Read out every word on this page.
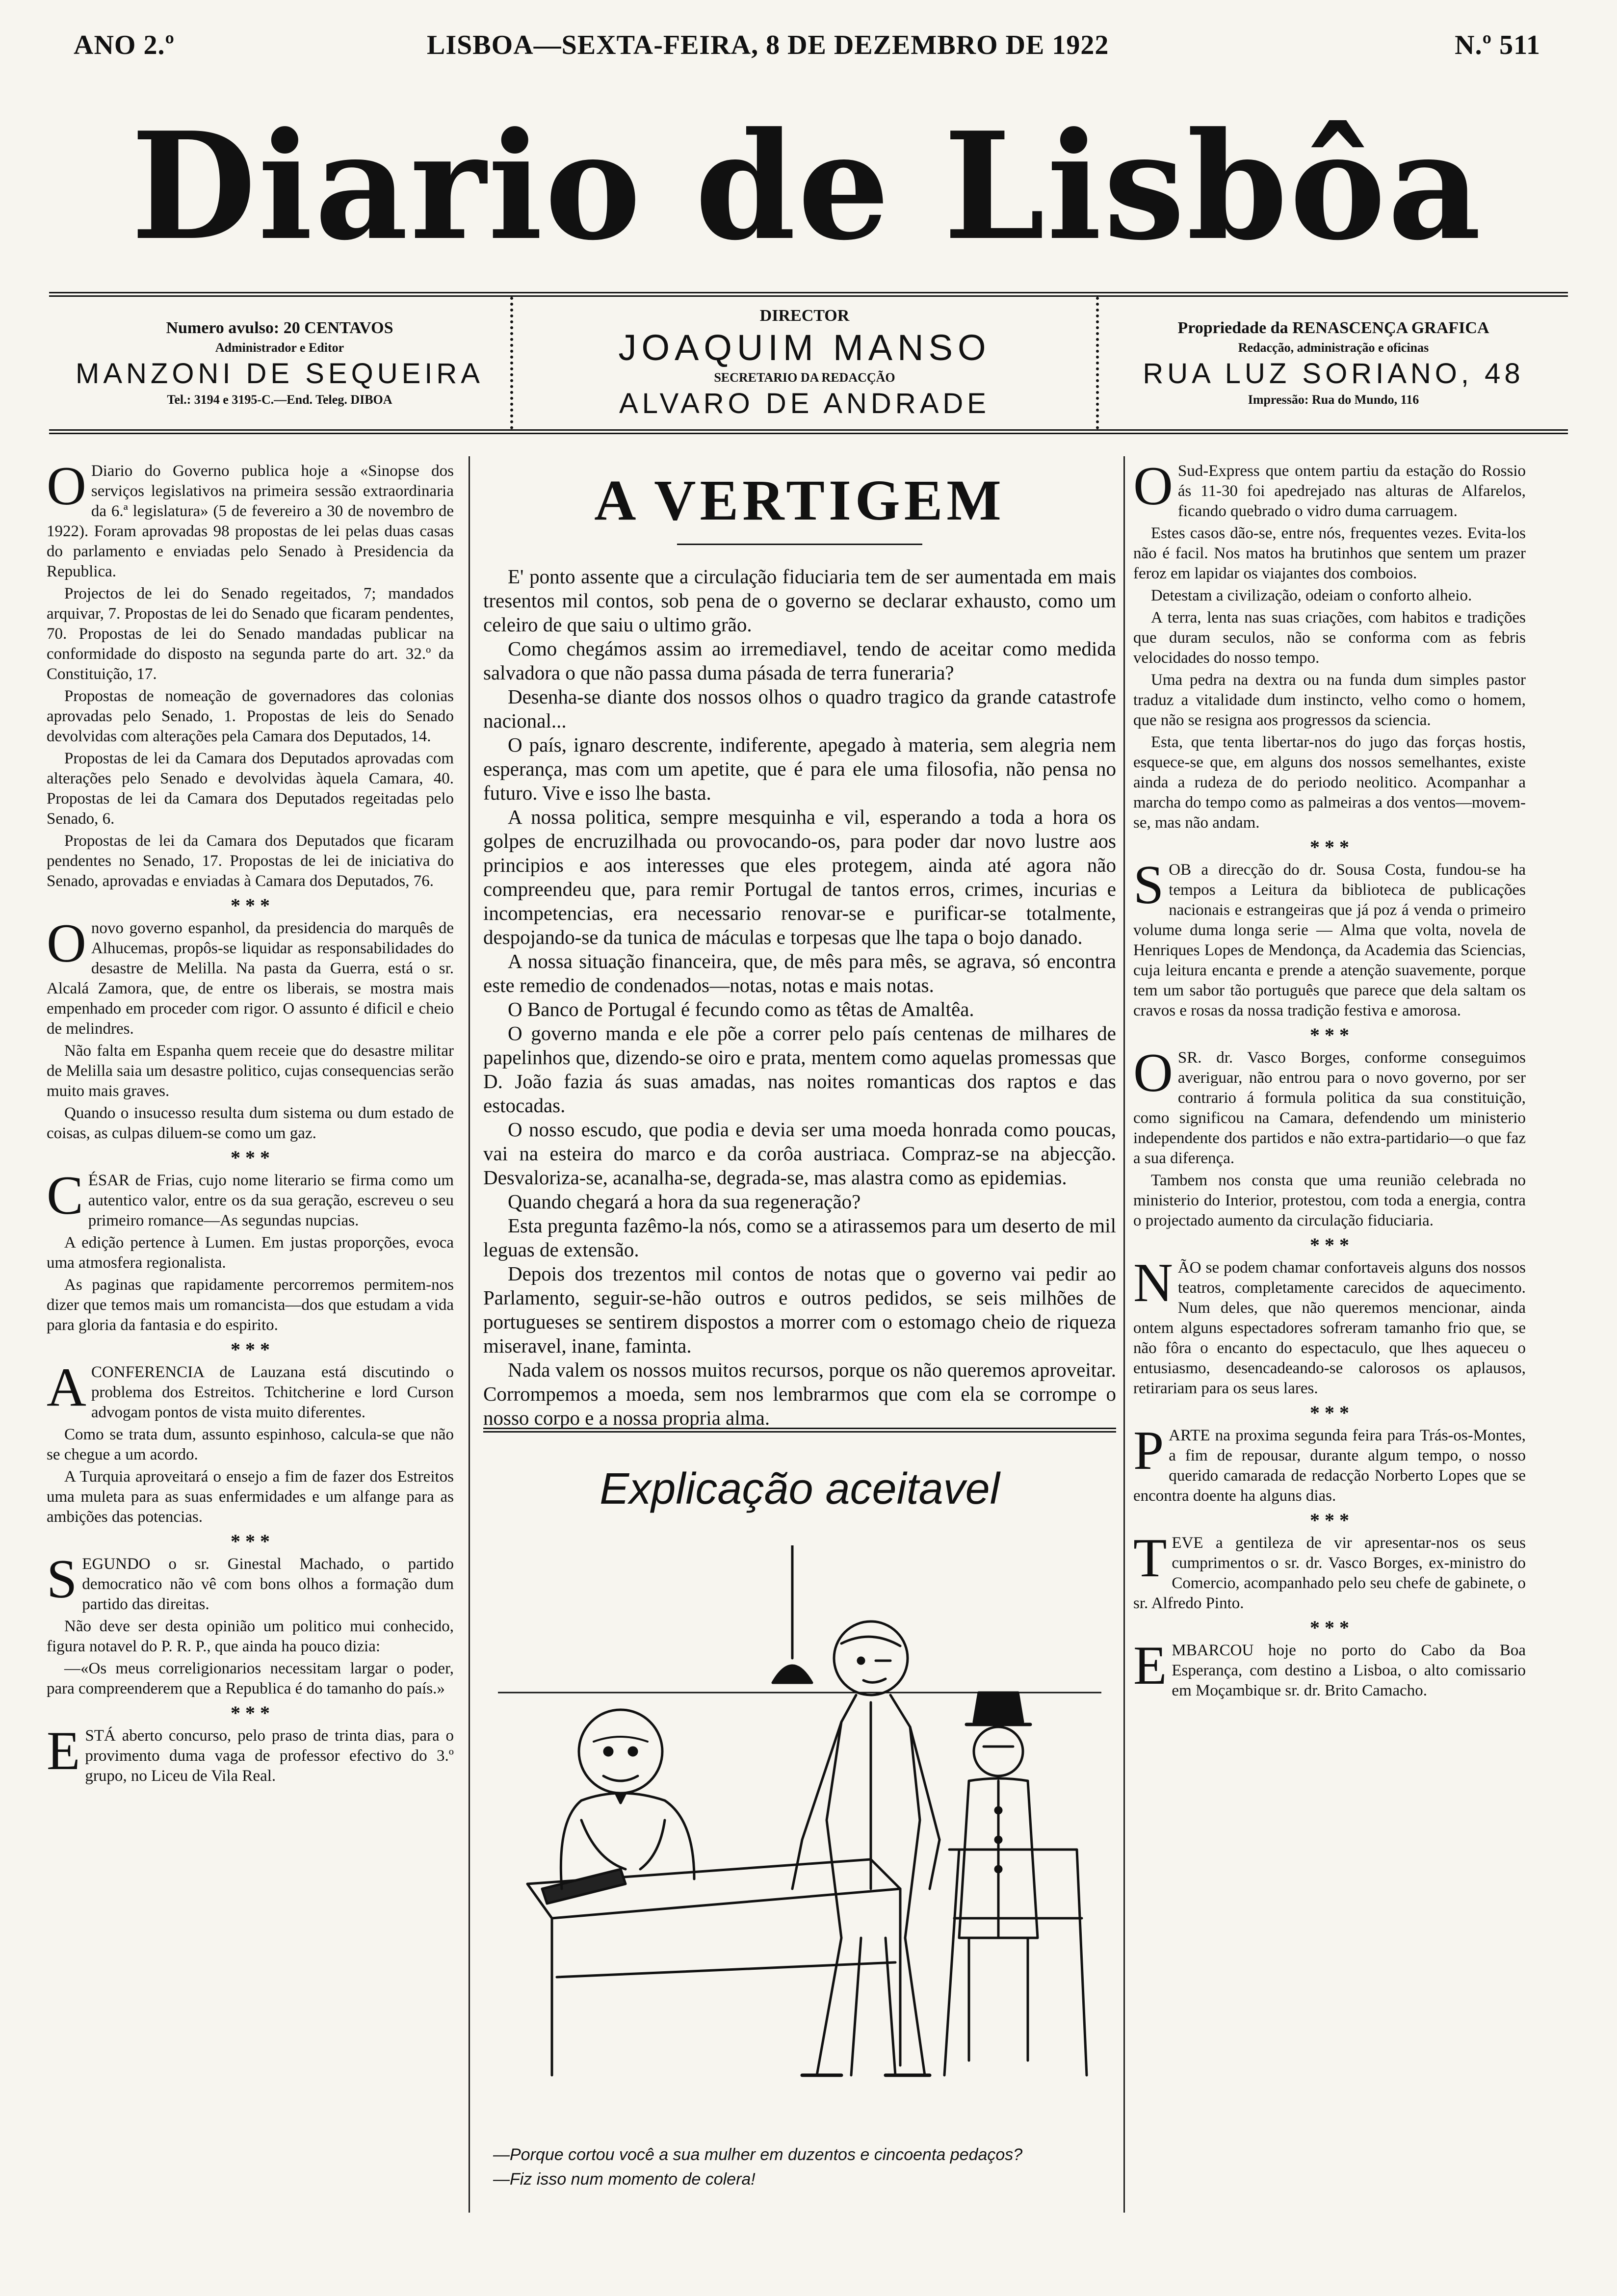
ANO 2.º	LISBOA—SEXTA-FEIRA, 8 DE DEZEMBRO DE 1922	N.º 511
Diario de Lisbôa
Numero avulso: 20 CENTAVOS
Administrador e Editor
MANZONI DE SEQUEIRA
Tel.: 3194 e 3195-C.—End. Teleg. DIBOA
DIRECTOR
JOAQUIM MANSO
SECRETARIO DA REDACÇÃO
ALVARO DE ANDRADE
Propriedade da RENASCENÇA GRAFICA
Redacção, administração e oficinas
RUA LUZ SORIANO, 48
Impressão: Rua do Mundo, 116

O Diario do Governo publica hoje a «Sinopse dos serviços legislativos na primeira sessão extraordinaria da 6.ª legislatura» (5 de fevereiro a 30 de novembro de 1922). Foram aprovadas 98 propostas de lei pelas duas casas do parlamento e enviadas pelo Senado à Presidencia da Republica.

Projectos de lei do Senado regeitados, 7; mandados arquivar, 7. Propostas de lei do Senado que ficaram pendentes, 70. Propostas de lei do Senado mandadas publicar na conformidade do disposto na segunda parte do art. 32.º da Constituição, 17.

Propostas de nomeação de governadores das colonias aprovadas pelo Senado, 1. Propostas de leis do Senado devolvidas com alterações pela Camara dos Deputados, 14.

Propostas de lei da Camara dos Deputados aprovadas com alterações pelo Senado e devolvidas àquela Camara, 40. Propostas de lei da Camara dos Deputados regeitadas pelo Senado, 6.

Propostas de lei da Camara dos Deputados que ficaram pendentes no Senado, 17. Propostas de lei de iniciativa do Senado, aprovadas e enviadas à Camara dos Deputados, 76.

* * *

Onovo governo espanhol, da presidencia do marquês de Alhucemas, propôs-se liquidar as responsabilidades do desastre de Melilla. Na pasta da Guerra, está o sr. Alcalá Zamora, que, de entre os liberais, se mostra mais empenhado em proceder com rigor. O assunto é dificil e cheio de melindres.

Não falta em Espanha quem receie que do desastre militar de Melilla saia um desastre politico, cujas consequencias serão muito mais graves.

Quando o insucesso resulta dum sistema ou dum estado de coisas, as culpas diluem-se como um gaz.

* * *

CÉSAR de Frias, cujo nome literario se firma como um autentico valor, entre os da sua geração, escreveu o seu primeiro romance—As segundas nupcias.

A edição pertence à Lumen. Em justas proporções, evoca uma atmosfera regionalista.

As paginas que rapidamente percorremos permitem-nos dizer que temos mais um romancista—dos que estudam a vida para gloria da fantasia e do espirito.

* * *

ACONFERENCIA de Lauzana está discutindo o problema dos Estreitos. Tchitcherine e lord Curson advogam pontos de vista muito diferentes.

Como se trata dum, assunto espinhoso, calcula-se que não se chegue a um acordo.

A Turquia aproveitará o ensejo a fim de fazer dos Estreitos uma muleta para as suas enfermidades e um alfange para as ambições das potencias.

* * *

SEGUNDO o sr. Ginestal Machado, o partido democratico não vê com bons olhos a formação dum partido das direitas.

Não deve ser desta opinião um politico mui conhecido, figura notavel do P. R. P., que ainda ha pouco dizia:

—«Os meus correligionarios necessitam largar o poder, para compreenderem que a Republica é do tamanho do país.»

* * *

ESTÁ aberto concurso, pelo praso de trinta dias, para o provimento duma vaga de professor efectivo do 3.º grupo, no Liceu de Vila Real.

A VERTIGEM

E' ponto assente que a circulação fiduciaria tem de ser aumentada em mais tresentos mil contos, sob pena de o governo se declarar exhausto, como um celeiro de que saiu o ultimo grão.

Como chegámos assim ao irremediavel, tendo de aceitar como medida salvadora o que não passa duma pásada de terra funeraria?

Desenha-se diante dos nossos olhos o quadro tragico da grande catastrofe nacional...

O país, ignaro descrente, indiferente, apegado à materia, sem alegria nem esperança, mas com um apetite, que é para ele uma filosofia, não pensa no futuro. Vive e isso lhe basta.

A nossa politica, sempre mesquinha e vil, esperando a toda a hora os golpes de encruzilhada ou provocando-os, para poder dar novo lustre aos principios e aos interesses que eles protegem, ainda até agora não compreendeu que, para remir Portugal de tantos erros, crimes, incurias e incompetencias, era necessario renovar-se e purificar-se totalmente, despojando-se da tunica de máculas e torpesas que lhe tapa o bojo danado.

A nossa situação financeira, que, de mês para mês, se agrava, só encontra este remedio de condenados—notas, notas e mais notas.

O Banco de Portugal é fecundo como as têtas de Amaltêa.

O governo manda e ele põe a correr pelo país centenas de milhares de papelinhos que, dizendo-se oiro e prata, mentem como aquelas promessas que D. João fazia ás suas amadas, nas noites romanticas dos raptos e das estocadas.

O nosso escudo, que podia e devia ser uma moeda honrada como poucas, vai na esteira do marco e da corôa austriaca. Compraz-se na abjecção. Desvaloriza-se, acanalha-se, degrada-se, mas alastra como as epidemias.

Quando chegará a hora da sua regeneração?

Esta pregunta fazêmo-la nós, como se a atirassemos para um deserto de mil leguas de extensão.

Depois dos trezentos mil contos de notas que o governo vai pedir ao Parlamento, seguir-se-hão outros e outros pedidos, se seis milhões de portugueses se sentirem dispostos a morrer com o estomago cheio de riqueza miseravel, inane, faminta.

Nada valem os nossos muitos recursos, porque os não queremos aproveitar. Corrompemos a moeda, sem nos lembrarmos que com ela se corrompe o nosso corpo e a nossa propria alma.

Explicação aceitavel
—Porque cortou você a sua mulher em duzentos e cincoenta pedaços?
—Fiz isso num momento de colera!

O Sud-Express que ontem partiu da estação do Rossio ás 11-30 foi apedrejado nas alturas de Alfarelos, ficando quebrado o vidro duma carruagem.

Estes casos dão-se, entre nós, frequentes vezes. Evita-los não é facil. Nos matos ha brutinhos que sentem um prazer feroz em lapidar os viajantes dos comboios.

Detestam a civilização, odeiam o conforto alheio.

A terra, lenta nas suas criações, com habitos e tradições que duram seculos, não se conforma com as febris velocidades do nosso tempo.

Uma pedra na dextra ou na funda dum simples pastor traduz a vitalidade dum instincto, velho como o homem, que não se resigna aos progressos da sciencia.

Esta, que tenta libertar-nos do jugo das forças hostis, esquece-se que, em alguns dos nossos semelhantes, existe ainda a rudeza de do periodo neolitico. Acompanhar a marcha do tempo como as palmeiras a dos ventos—movem-se, mas não andam.

* * *

SOB a direcção do dr. Sousa Costa, fundou-se ha tempos a Leitura da biblioteca de publicações nacionais e estrangeiras que já poz á venda o primeiro volume duma longa serie — Alma que volta, novela de Henriques Lopes de Mendonça, da Academia das Sciencias, cuja leitura encanta e prende a atenção suavemente, porque tem um sabor tão português que parece que dela saltam os cravos e rosas da nossa tradição festiva e amorosa.

* * *

OSR. dr. Vasco Borges, conforme conseguimos averiguar, não entrou para o novo governo, por ser contrario á formula politica da sua constituição, como significou na Camara, defendendo um ministerio independente dos partidos e não extra-partidario—o que faz a sua diferença.

Tambem nos consta que uma reunião celebrada no ministerio do Interior, protestou, com toda a energia, contra o projectado aumento da circulação fiduciaria.

* * *

NÃO se podem chamar confortaveis alguns dos nossos teatros, completamente carecidos de aquecimento. Num deles, que não queremos mencionar, ainda ontem alguns espectadores sofreram tamanho frio que, se não fôra o encanto do espectaculo, que lhes aqueceu o entusiasmo, desencadeando-se calorosos os aplausos, retirariam para os seus lares.

* * *

PARTE na proxima segunda feira para Trás-os-Montes, a fim de repousar, durante algum tempo, o nosso querido camarada de redacção Norberto Lopes que se encontra doente ha alguns dias.

* * *

TEVE a gentileza de vir apresentar-nos os seus cumprimentos o sr. dr. Vasco Borges, ex-ministro do Comercio, acompanhado pelo seu chefe de gabinete, o sr. Alfredo Pinto.

* * *

EMBARCOU hoje no porto do Cabo da Boa Esperança, com destino a Lisboa, o alto comissario em Moçambique sr. dr. Brito Camacho.
